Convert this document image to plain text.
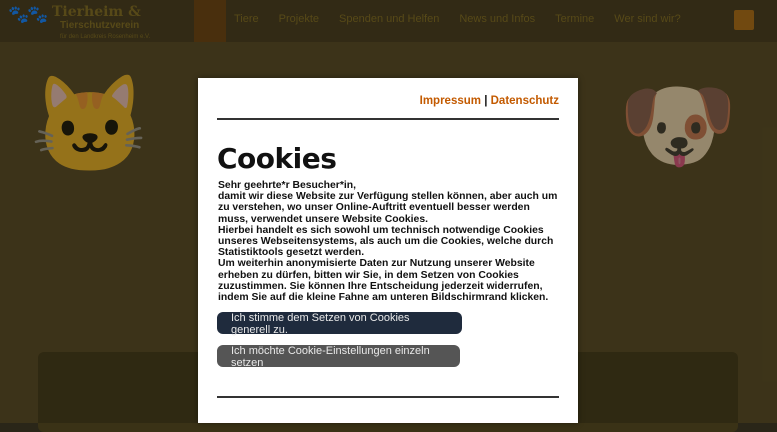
🐾🐾 Tierheim &
Tierschutzverein
für den Landkreis Rosenheim e.V.
Tiere Projekte Spenden und Helfen News und Infos Termine Wer sind wir?
🐱	🐶
Impressum | Datenschutz
Cookies

Sehr geehrte*r Besucher*in,

damit wir diese Website zur Verfügung stellen können, aber auch um zu verstehen, wo unser Online-Auftritt eventuell besser werden muss, verwendet unsere Website Cookies.

Hierbei handelt es sich sowohl um technisch notwendige Cookies unseres Webseitensystems, als auch um die Cookies, welche durch Statistiktools gesetzt werden.

Um weiterhin anonymisierte Daten zur Nutzung unserer Website erheben zu dürfen, bitten wir Sie, in dem Setzen von Cookies zuzustimmen. Sie können Ihre Entscheidung jederzeit widerrufen, indem Sie auf die kleine Fahne am unteren Bildschirmrand klicken.

Ich stimme dem Setzen von Cookies generell zu.
Ich möchte Cookie-Einstellungen einzeln setzen
